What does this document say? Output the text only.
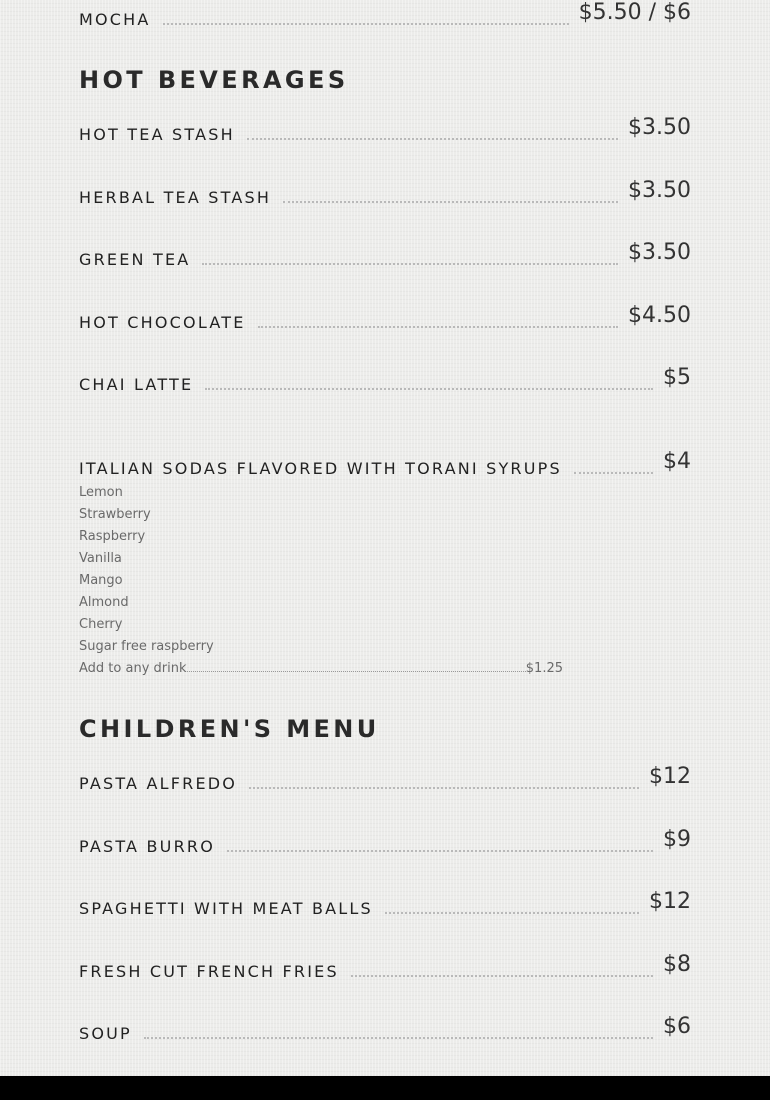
MOCHA	$5.50 / $6
HOT BEVERAGES
HOT TEA STASH	$3.50
HERBAL TEA STASH	$3.50
GREEN TEA	$3.50
HOT CHOCOLATE	$4.50
CHAI LATTE	$5
ITALIAN SODAS FLAVORED WITH TORANI SYRUPS	$4
Lemon
Strawberry
Raspberry
Vanilla
Mango
Almond
Cherry
Sugar free raspberry
Add to any drink	$1.25
CHILDREN'S MENU
PASTA ALFREDO	$12
PASTA BURRO	$9
SPAGHETTI WITH MEAT BALLS	$12
FRESH CUT FRENCH FRIES	$8
SOUP	$6
